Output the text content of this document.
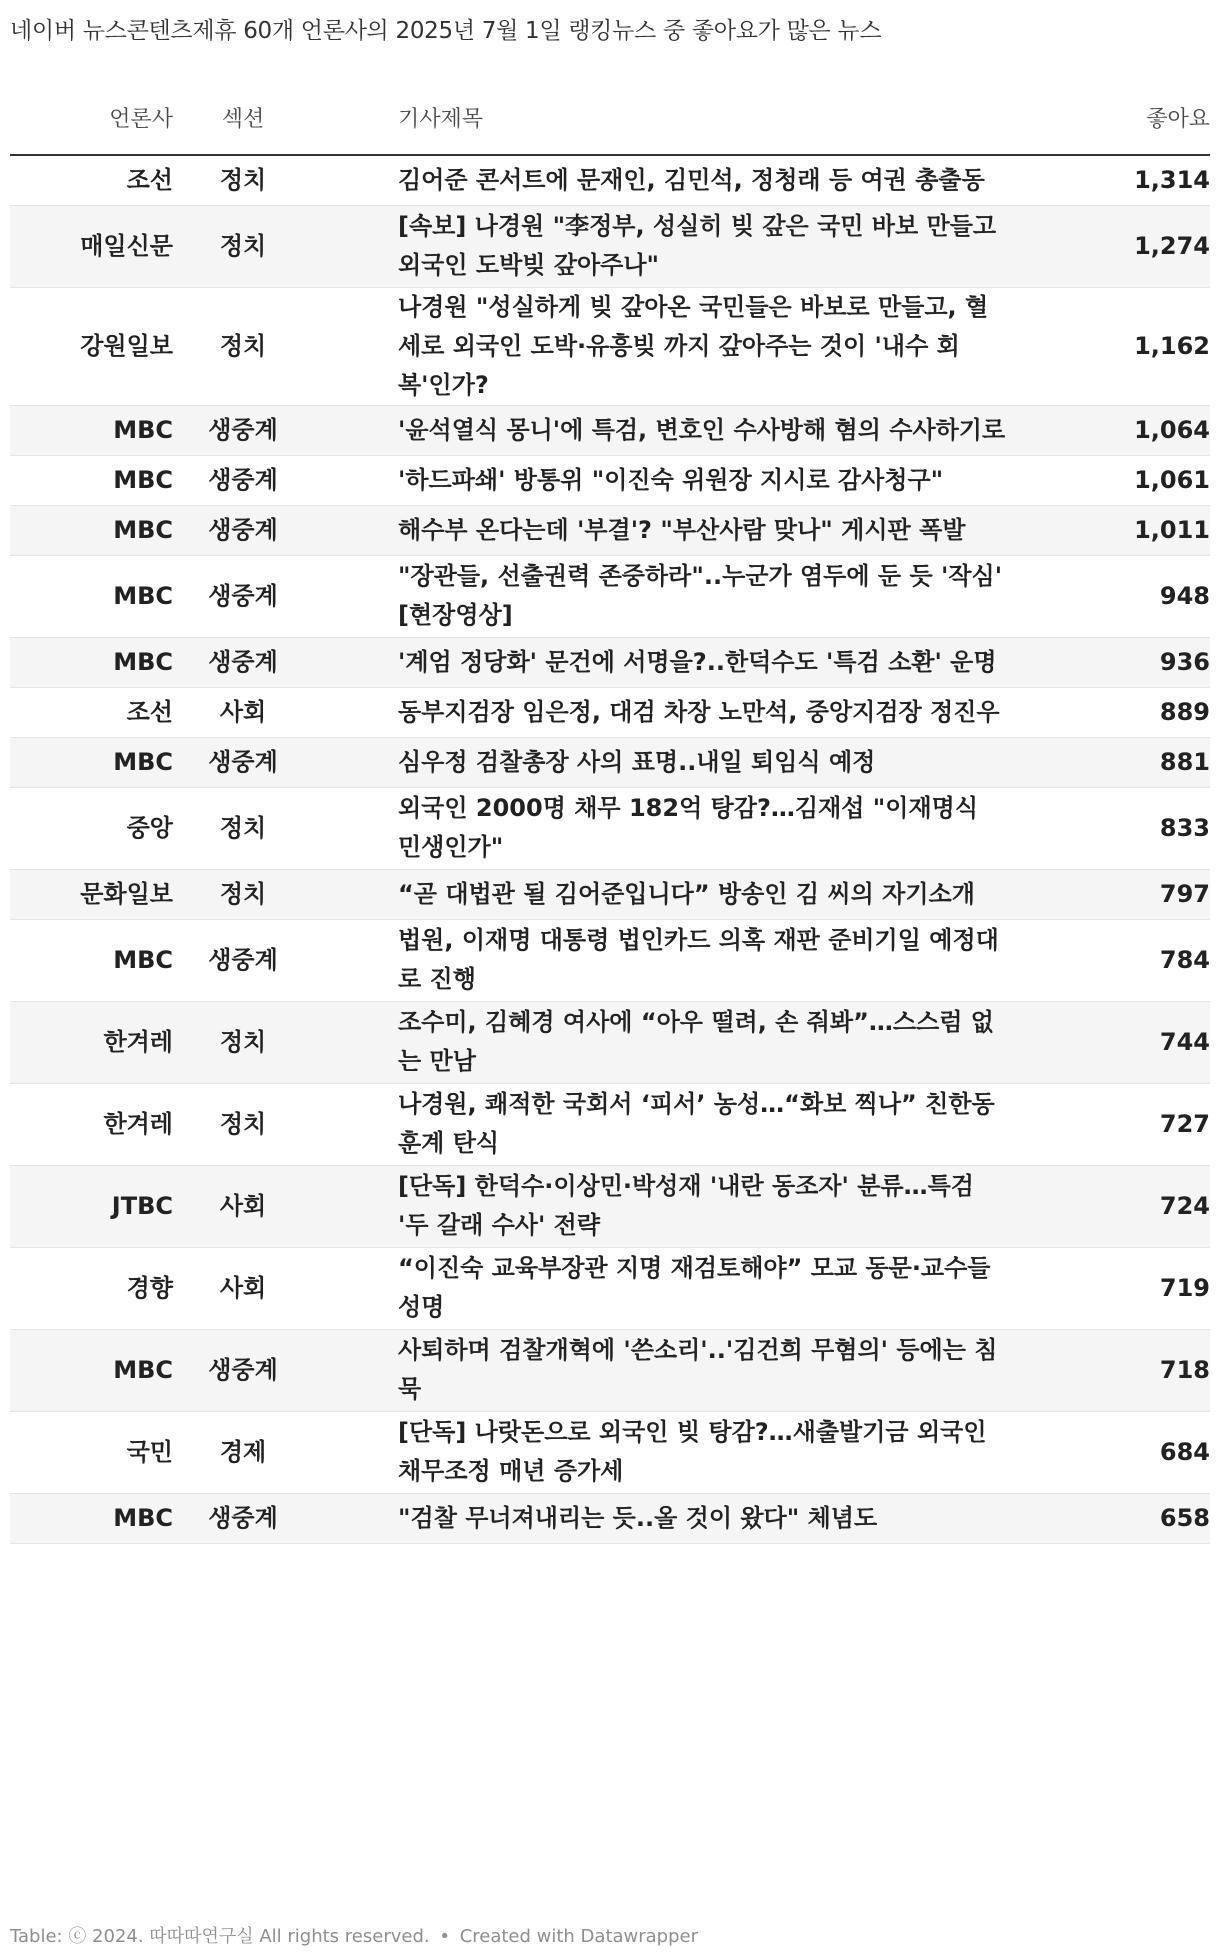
네이버 뉴스콘텐츠제휴 60개 언론사의 2025년 7월 1일 랭킹뉴스 중 좋아요가 많은 뉴스
언론사	섹션	기사제목	좋아요
조선	정치	김어준 콘서트에 문재인, 김민석, 정청래 등 여권 총출동	1,314
매일신문	정치	[속보] 나경원 "李정부, 성실히 빚 갚은 국민 바보 만들고 외국인 도박빚 갚아주나"	1,274
강원일보	정치	나경원 "성실하게 빚 갚아온 국민들은 바보로 만들고, 혈세로 외국인 도박·유흥빚 까지 갚아주는 것이 '내수 회복'인가?	1,162
MBC	생중계	'윤석열식 몽니'에 특검, 변호인 수사방해 혐의 수사하기로	1,064
MBC	생중계	'하드파쇄' 방통위 "이진숙 위원장 지시로 감사청구"	1,061
MBC	생중계	해수부 온다는데 '부결'? "부산사람 맞나" 게시판 폭발	1,011
MBC	생중계	"장관들, 선출권력 존중하라"..누군가 염두에 둔 듯 '작심' [현장영상]	948
MBC	생중계	'계엄 정당화' 문건에 서명을?..한덕수도 '특검 소환' 운명	936
조선	사회	동부지검장 임은정, 대검 차장 노만석, 중앙지검장 정진우	889
MBC	생중계	심우정 검찰총장 사의 표명..내일 퇴임식 예정	881
중앙	정치	외국인 2000명 채무 182억 탕감?…김재섭 "이재명식 민생인가"	833
문화일보	정치	“곧 대법관 될 김어준입니다” 방송인 김 씨의 자기소개	797
MBC	생중계	법원, 이재명 대통령 법인카드 의혹 재판 준비기일 예정대로 진행	784
한겨레	정치	조수미, 김혜경 여사에 “아우 떨려, 손 줘봐”…스스럼 없는 만남	744
한겨레	정치	나경원, 쾌적한 국회서 ‘피서’ 농성…“화보 찍나” 친한동훈계 탄식	727
JTBC	사회	[단독] 한덕수·이상민·박성재 '내란 동조자' 분류…특검 '두 갈래 수사' 전략	724
경향	사회	“이진숙 교육부장관 지명 재검토해야” 모교 동문·교수들 성명	719
MBC	생중계	사퇴하며 검찰개혁에 '쓴소리'..'김건희 무혐의' 등에는 침묵	718
국민	경제	[단독] 나랏돈으로 외국인 빚 탕감?…새출발기금 외국인 채무조정 매년 증가세	684
MBC	생중계	"검찰 무너져내리는 듯..올 것이 왔다" 체념도	658
Table: ⓒ 2024. 따따따연구실 All rights reserved. • Created with Datawrapper
